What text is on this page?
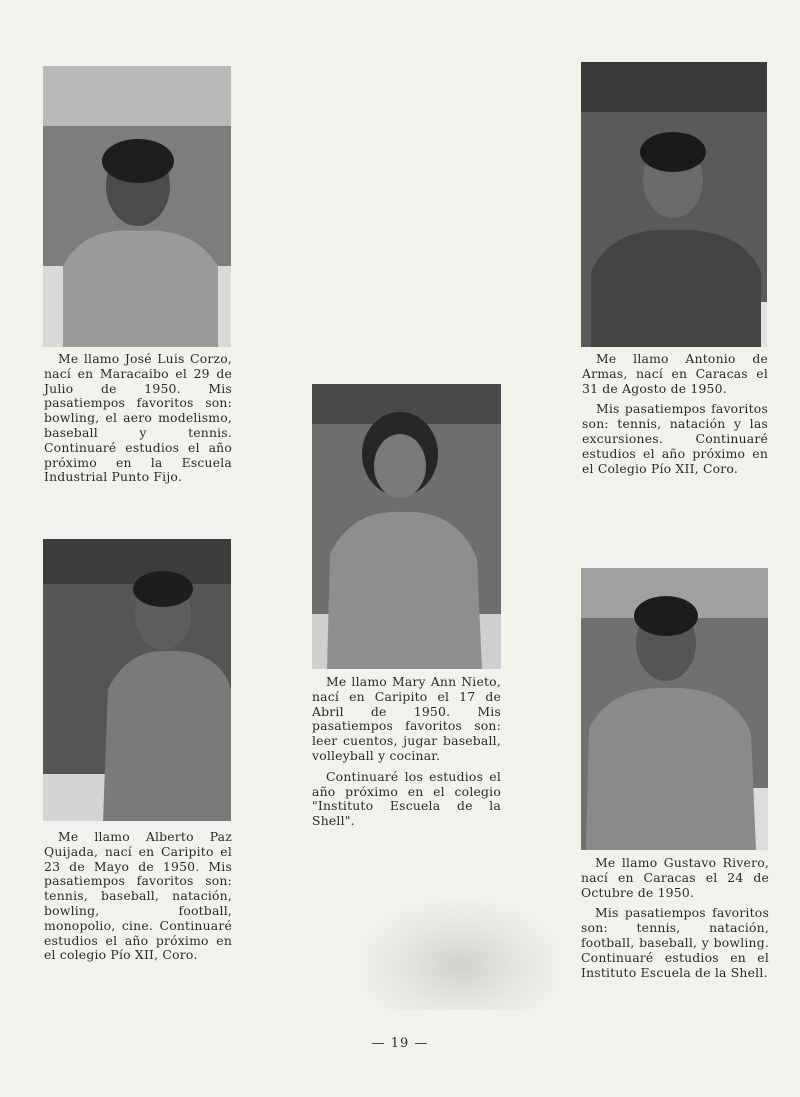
Me llamo José Luis Corzo, nací en Maracaibo el 29 de Julio de 1950. Mis pasatiempos favoritos son: bowling, el aero modelismo, baseball y tennis. Continuaré estudios el año próximo en la Escuela Industrial Punto Fijo.

Me llamo Antonio de Armas, nací en Caracas el 31 de Agosto de 1950.

Mis pasatiempos favoritos son: tennis, natación y las excursiones. Continuaré estudios el año próximo en el Colegio Pío XII, Coro.

Me llamo Mary Ann Nieto, nací en Caripito el 17 de Abril de 1950. Mis pasatiempos favoritos son: leer cuentos, jugar baseball, volleyball y cocinar.

Continuaré los estudios el año próximo en el colegio "Instituto Escuela de la Shell".

Me llamo Alberto Paz Quijada, nací en Caripito el 23 de Mayo de 1950. Mis pasatiempos favoritos son: tennis, baseball, natación, bowling, football, monopolio, cine. Continuaré estudios el año próximo en el colegio Pío XII, Coro.

Me llamo Gustavo Rivero, nací en Caracas el 24 de Octubre de 1950.

Mis pasatiempos favoritos son: tennis, natación, football, baseball, y bowling. Continuaré estudios en el Instituto Escuela de la Shell.

— 19 —
